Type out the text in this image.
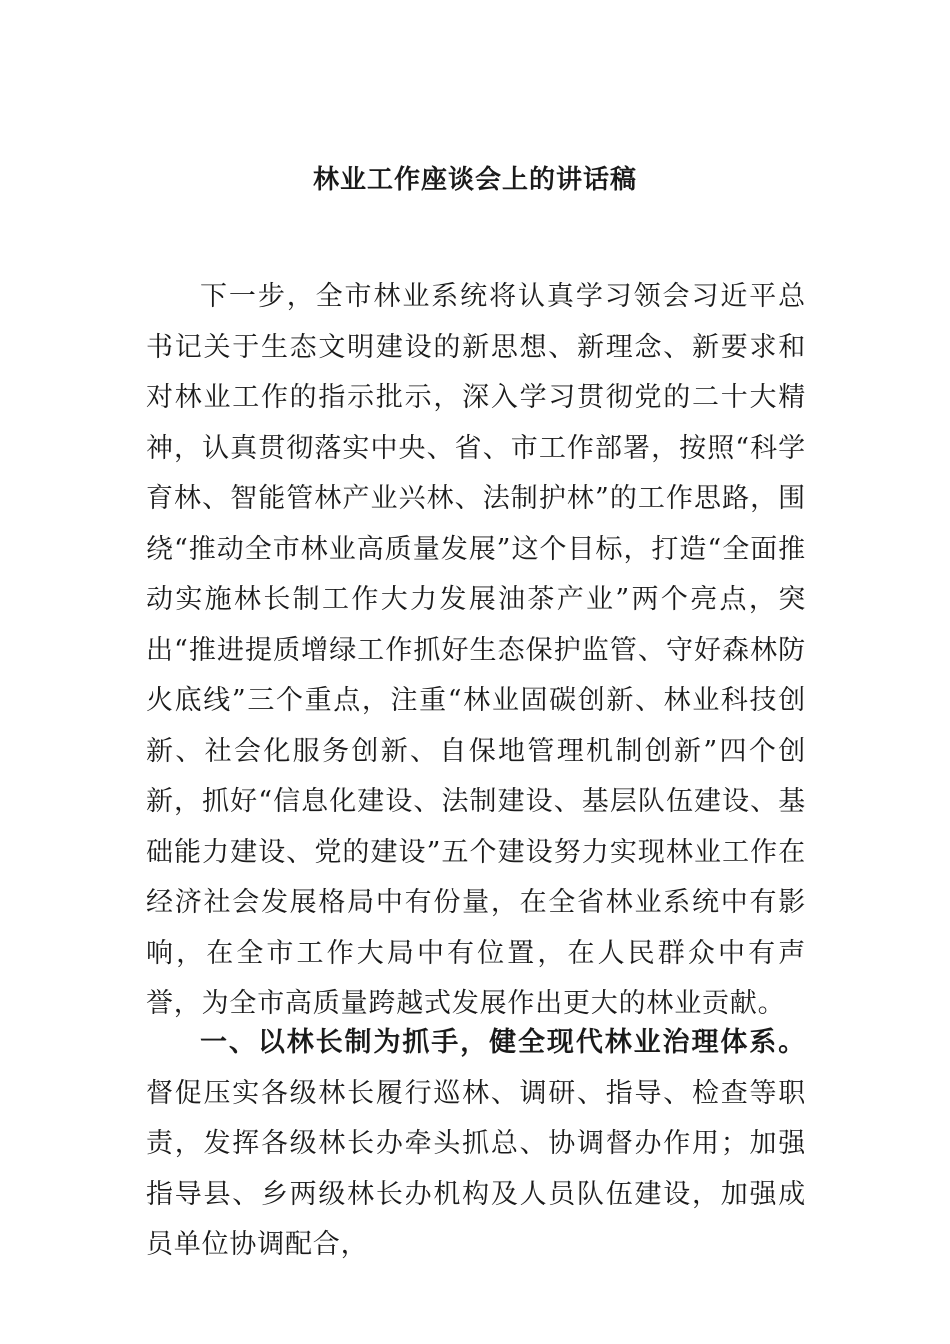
林业工作座谈会上的讲话稿

下一步，全市林业系统将认真学习领会习近平总书记关于生态文明建设的新思想、新理念、新要求和对林业工作的指示批示，深入学习贯彻党的二十大精神，认真贯彻落实中央、省、市工作部署，按照“科学育林、智能管林产业兴林、法制护林”的工作思路，围绕“推动全市林业高质量发展”这个目标，打造“全面推动实施林长制工作大力发展油茶产业”两个亮点，突出“推进提质增绿工作抓好生态保护监管、守好森林防火底线”三个重点，注重“林业固碳创新、林业科技创新、社会化服务创新、自保地管理机制创新”四个创新，抓好“信息化建设、法制建设、基层队伍建设、基础能力建设、党的建设”五个建设努力实现林业工作在经济社会发展格局中有份量，在全省林业系统中有影响，在全市工作大局中有位置，在人民群众中有声誉，为全市高质量跨越式发展作出更大的林业贡献。

一、以林长制为抓手，健全现代林业治理体系。督促压实各级林长履行巡林、调研、指导、检查等职责，发挥各级林长办牵头抓总、协调督办作用；加强指导县、乡两级林长办机构及人员队伍建设，加强成员单位协调配合，
